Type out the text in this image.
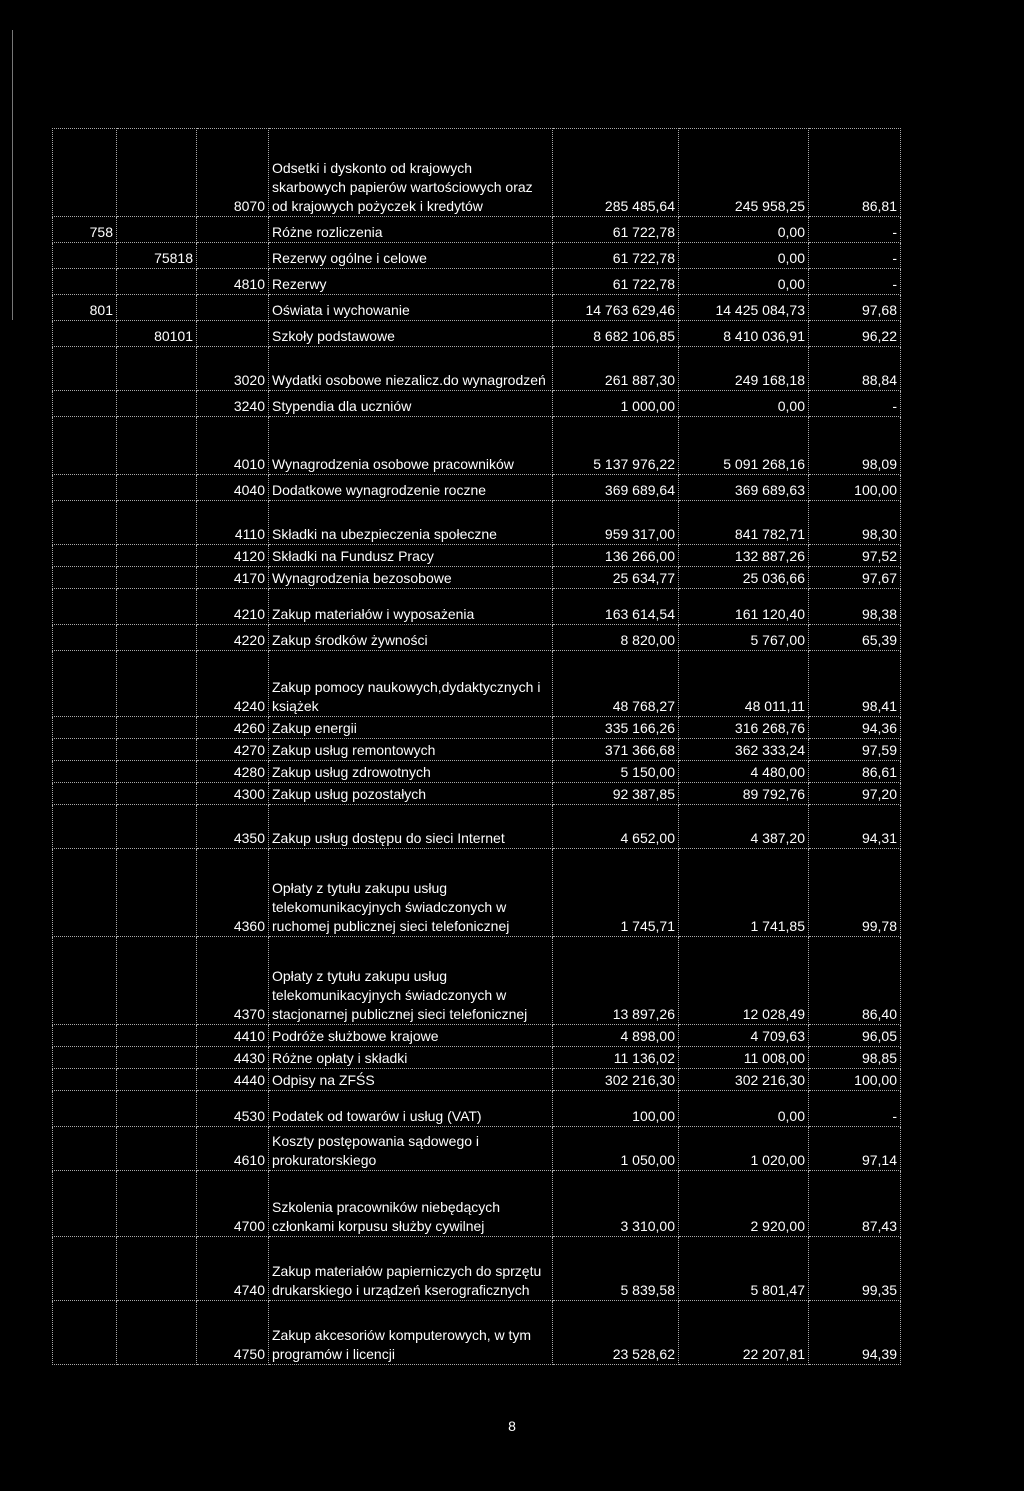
		8070	Odsetki i dyskonto od krajowych skarbowych papierów wartościowych oraz od krajowych pożyczek i kredytów	285 485,64	245 958,25	86,81
758			Różne rozliczenia	61 722,78	0,00	-
	75818		Rezerwy ogólne i celowe	61 722,78	0,00	-
		4810	Rezerwy	61 722,78	0,00	-
801			Oświata i wychowanie	14 763 629,46	14 425 084,73	97,68
	80101		Szkoły podstawowe	8 682 106,85	8 410 036,91	96,22
		3020	Wydatki osobowe niezalicz.do wynagrodzeń	261 887,30	249 168,18	88,84
		3240	Stypendia dla uczniów	1 000,00	0,00	-
		4010	Wynagrodzenia osobowe pracowników	5 137 976,22	5 091 268,16	98,09
		4040	Dodatkowe wynagrodzenie roczne	369 689,64	369 689,63	100,00
		4110	Składki na ubezpieczenia społeczne	959 317,00	841 782,71	98,30
		4120	Składki na Fundusz Pracy	136 266,00	132 887,26	97,52
		4170	Wynagrodzenia bezosobowe	25 634,77	25 036,66	97,67
		4210	Zakup materiałów i wyposażenia	163 614,54	161 120,40	98,38
		4220	Zakup środków żywności	8 820,00	5 767,00	65,39
		4240	Zakup pomocy naukowych,dydaktycznych i książek	48 768,27	48 011,11	98,41
		4260	Zakup energii	335 166,26	316 268,76	94,36
		4270	Zakup usług remontowych	371 366,68	362 333,24	97,59
		4280	Zakup usług zdrowotnych	5 150,00	4 480,00	86,61
		4300	Zakup usług pozostałych	92 387,85	89 792,76	97,20
		4350	Zakup usług dostępu do sieci Internet	4 652,00	4 387,20	94,31
		4360	Opłaty z tytułu zakupu usług telekomunikacyjnych świadczonych w ruchomej publicznej sieci telefonicznej	1 745,71	1 741,85	99,78
		4370	Opłaty z tytułu zakupu usług telekomunikacyjnych świadczonych w stacjonarnej publicznej sieci telefonicznej	13 897,26	12 028,49	86,40
		4410	Podróże służbowe krajowe	4 898,00	4 709,63	96,05
		4430	Różne opłaty i składki	11 136,02	11 008,00	98,85
		4440	Odpisy na ZFŚS	302 216,30	302 216,30	100,00
		4530	Podatek od towarów i usług (VAT)	100,00	0,00	-
		4610	Koszty postępowania sądowego i prokuratorskiego	1 050,00	1 020,00	97,14
		4700	Szkolenia pracowników niebędących członkami korpusu służby cywilnej	3 310,00	2 920,00	87,43
		4740	Zakup materiałów papierniczych do sprzętu drukarskiego i urządzeń kserograficznych	5 839,58	5 801,47	99,35
		4750	Zakup akcesoriów komputerowych, w tym programów i licencji	23 528,62	22 207,81	94,39
8
